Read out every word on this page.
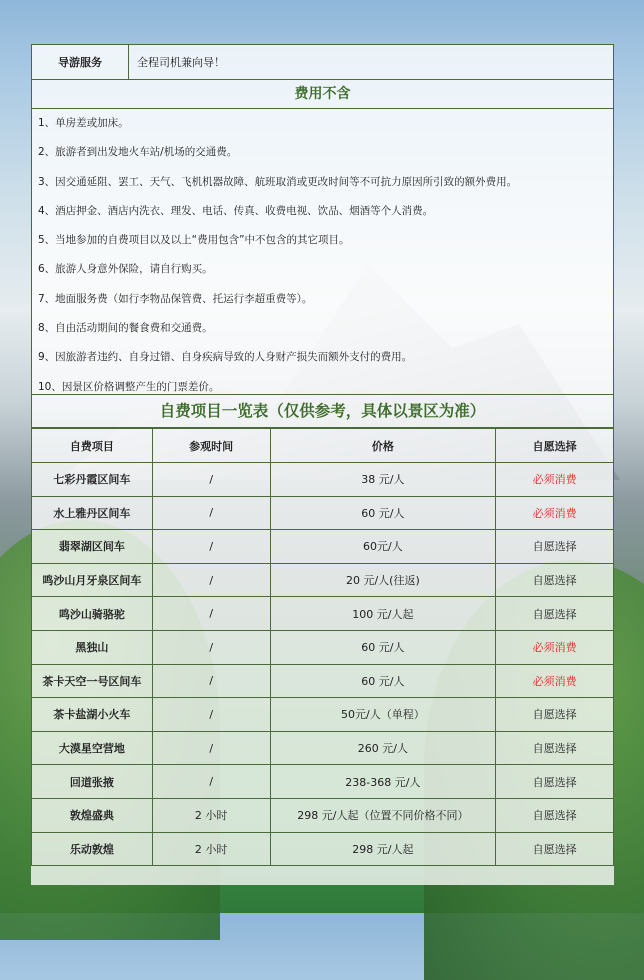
导游服务	全程司机兼向导！
费用不含
1、单房差或加床。
2、旅游者到出发地火车站/机场的交通费。
3、因交通延阻、罢工、天气、飞机机器故障、航班取消或更改时间等不可抗力原因所引致的额外费用。
4、酒店押金、酒店内洗衣、理发、电话、传真、收费电视、饮品、烟酒等个人消费。
5、当地参加的自费项目以及以上“费用包含”中不包含的其它项目。
6、旅游人身意外保险，请自行购买。
7、地面服务费（如行李物品保管费、托运行李超重费等）。
8、自由活动期间的餐食费和交通费。
9、因旅游者违约、自身过错、自身疾病导致的人身财产损失而额外支付的费用。
10、因景区价格调整产生的门票差价。
自费项目一览表（仅供参考，具体以景区为准）
自费项目	参观时间	价格	自愿选择
七彩丹霞区间车	/	38 元/人	必须消费
水上雅丹区间车	/	60 元/人	必须消费
翡翠湖区间车	/	60元/人	自愿选择
鸣沙山月牙泉区间车	/	20 元/人(往返)	自愿选择
鸣沙山骑骆驼	/	100 元/人起	自愿选择
黑独山	/	60 元/人	必须消费
茶卡天空一号区间车	/	60 元/人	必须消费
茶卡盐湖小火车	/	50元/人（单程）	自愿选择
大漠星空营地	/	260 元/人	自愿选择
回道张掖	/	238-368 元/人	自愿选择
敦煌盛典	2 小时	298 元/人起（位置不同价格不同）	自愿选择
乐动敦煌	2 小时	298 元/人起	自愿选择
